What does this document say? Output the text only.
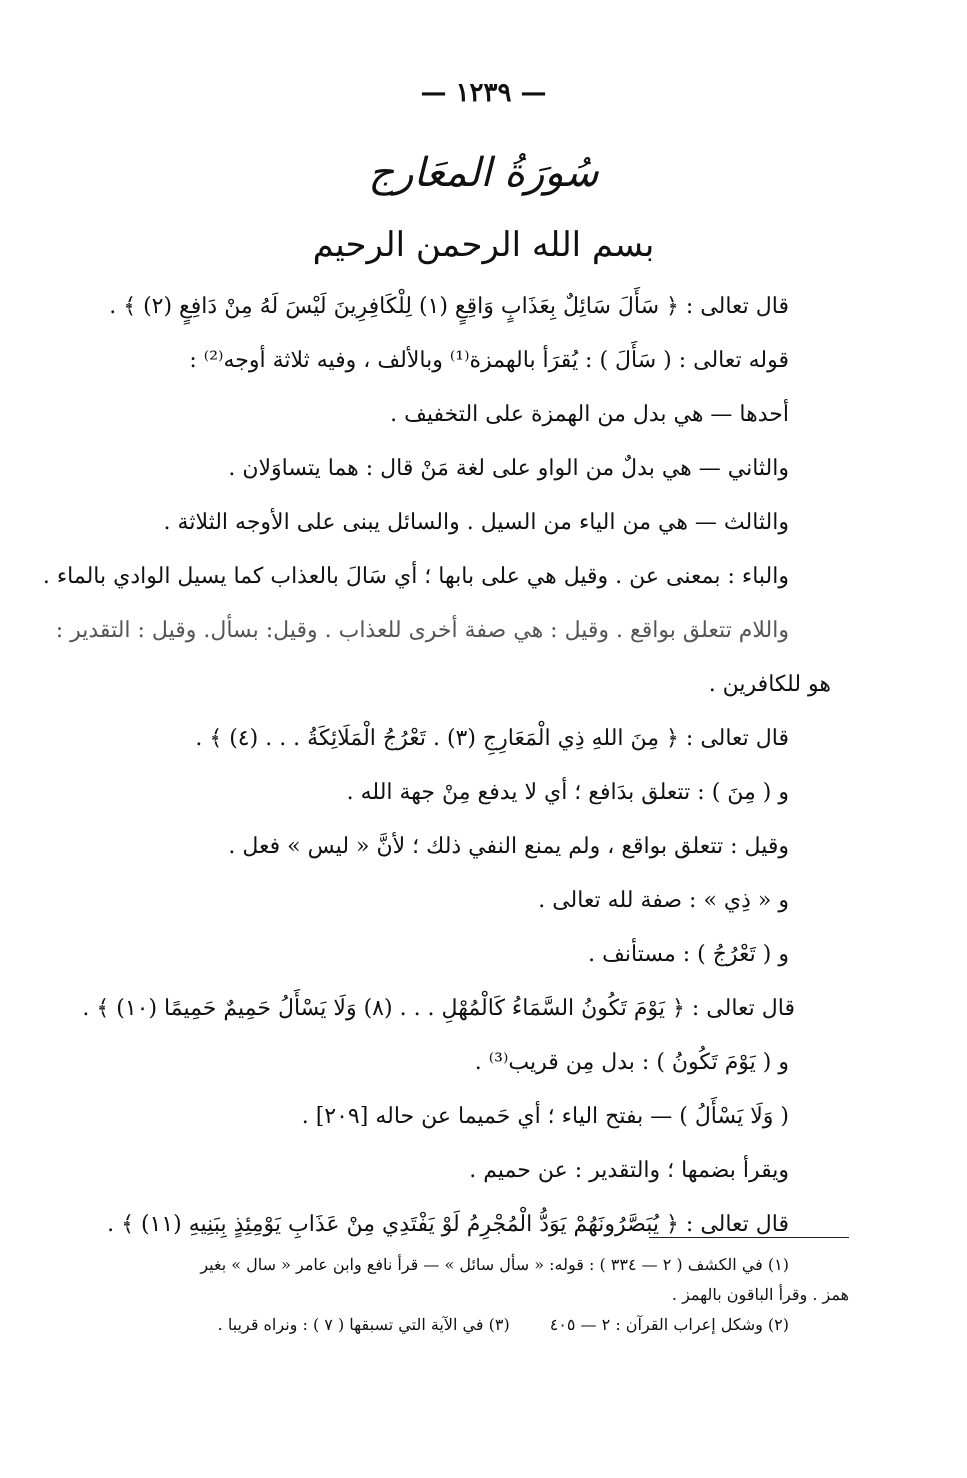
— ١٢٣٩ —
سُورَةُ المعَارج
بسم الله الرحمن الرحيم
قال تعالى : ﴿ سَأَلَ سَائِلٌ بِعَذَابٍ وَاقِعٍ (١) لِلْكَافِرِينَ لَيْسَ لَهُ مِنْ دَافِعٍ (٢) ﴾ .
قوله تعالى : ( سَأَلَ ) : يُقرَأ بالهمزة⁽¹⁾ وبالألف ، وفيه ثلاثة أوجه⁽²⁾ :
أحدها — هي بدل من الهمزة على التخفيف .
والثاني — هي بدلٌ من الواو على لغة مَنْ قال : هما يتساوَلان .
والثالث — هي من الياء من السيل . والسائل يبنى على الأوجه الثلاثة .
والباء : بمعنى عن . وقيل هي على بابها ؛ أي سَالَ بالعذاب كما يسيل الوادي بالماء .
واللام تتعلق بواقع . وقيل : هي صفة أخرى للعذاب . وقيل: بسأل. وقيل : التقدير :
هو للكافرين .
قال تعالى : ﴿ مِنَ اللهِ ذِي الْمَعَارِجِ (٣) . تَعْرُجُ الْمَلَائِكَةُ . . . (٤) ﴾ .
و ( مِنَ ) : تتعلق بدَافع ؛ أي لا يدفع مِنْ جهة الله .
وقيل : تتعلق بواقع ، ولم يمنع النفي ذلك ؛ لأنَّ « ليس » فعل .
و « ذِي » : صفة لله تعالى .
و ( تَعْرُجُ ) : مستأنف .
قال تعالى : ﴿ يَوْمَ تَكُونُ السَّمَاءُ كَالْمُهْلِ . . . (٨) وَلَا يَسْأَلُ حَمِيمٌ حَمِيمًا (١٠) ﴾ .
و ( يَوْمَ تَكُونُ ) : بدل مِن قريب⁽³⁾ .
( وَلَا يَسْأَلُ ) — بفتح الياء ؛ أي حَميما عن حاله [٢٠٩] .
ويقرأ بضمها ؛ والتقدير : عن حميم .
قال تعالى : ﴿ يُبَصَّرُونَهُمْ يَوَدُّ الْمُجْرِمُ لَوْ يَفْتَدِي مِنْ عَذَابِ يَوْمِئِذٍ بِبَنِيهِ (١١) ﴾ .
(١) في الكشف ( ٢ — ٣٣٤ ) : قوله: « سأل سائل » — قرأ نافع وابن عامر « سال » بغير
همز . وقرأ الباقون بالهمز .
(٢) وشكل إعراب القرآن : ٢ — ٤٠٥(٣) في الآية التي تسبقها ( ٧ ) : ونراه قريبا .
